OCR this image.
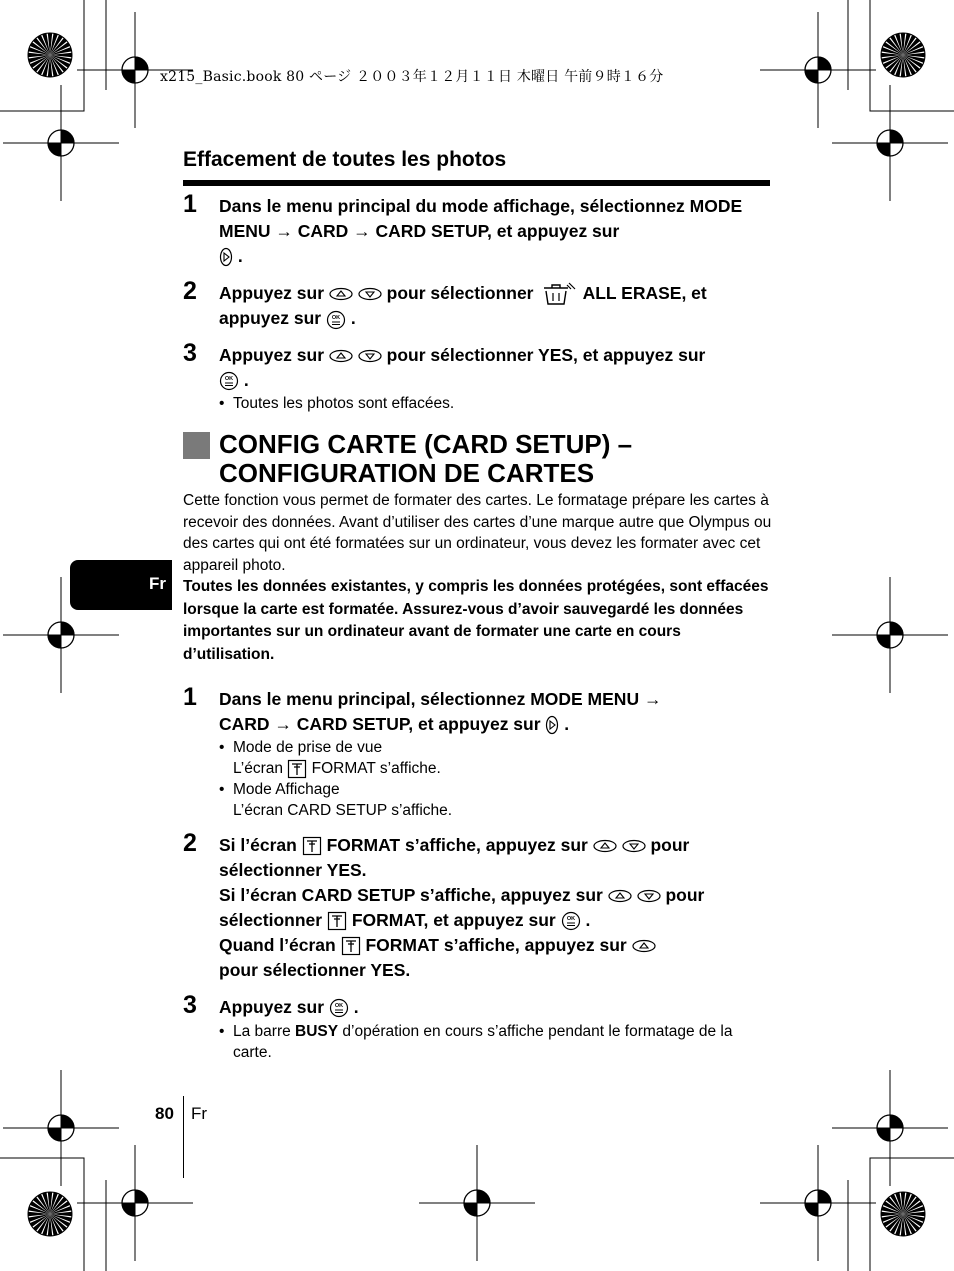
x215_Basic.book 80 ページ ２００３年１２月１１日 木曜日 午前９時１６分
Effacement de toutes les photos
1 Dans le menu principal du mode affichage, sélectionnez MODE MENU → CARD → CARD SETUP, et appuyez sur
.
2 Appuyez sur	pour sélectionner	ALL ERASE, et
appuyez sur OK .
3 Appuyez sur	pour sélectionner YES, et appuyez sur

OK .
• Toutes les photos sont effacées.
CONFIG CARTE (CARD SETUP) –
CONFIGURATION DE CARTES
Cette fonction vous permet de formater des cartes. Le formatage prépare les cartes à recevoir des données. Avant d’utiliser des cartes d’une marque autre que Olympus ou des cartes qui ont été formatées sur un ordinateur, vous devez les formater avec cet appareil photo.
Toutes les données existantes, y compris les données protégées, sont effacées lorsque la carte est formatée. Assurez-vous d’avoir sauvegardé les données importantes sur un ordinateur avant de formater une carte en cours d’utilisation.
Fr
1 Dans le menu principal, sélectionnez MODE MENU →
CARD → CARD SETUP, et appuyez sur .
• Mode de prise de vue
L’écran FORMAT s’affiche.
• Mode Affichage
L’écran CARD SETUP s’affiche.
2 Si l’écran FORMAT s’affiche, appuyez sur	pour
sélectionner YES.
Si l’écran CARD SETUP s’affiche, appuyez sur	pour
sélectionner FORMAT, et appuyez sur OK .
Quand l’écran FORMAT s’affiche, appuyez sur
pour sélectionner YES.
3 Appuyez sur OK .
• La barre BUSY d’opération en cours s’affiche pendant le formatage de la carte.
80 Fr
